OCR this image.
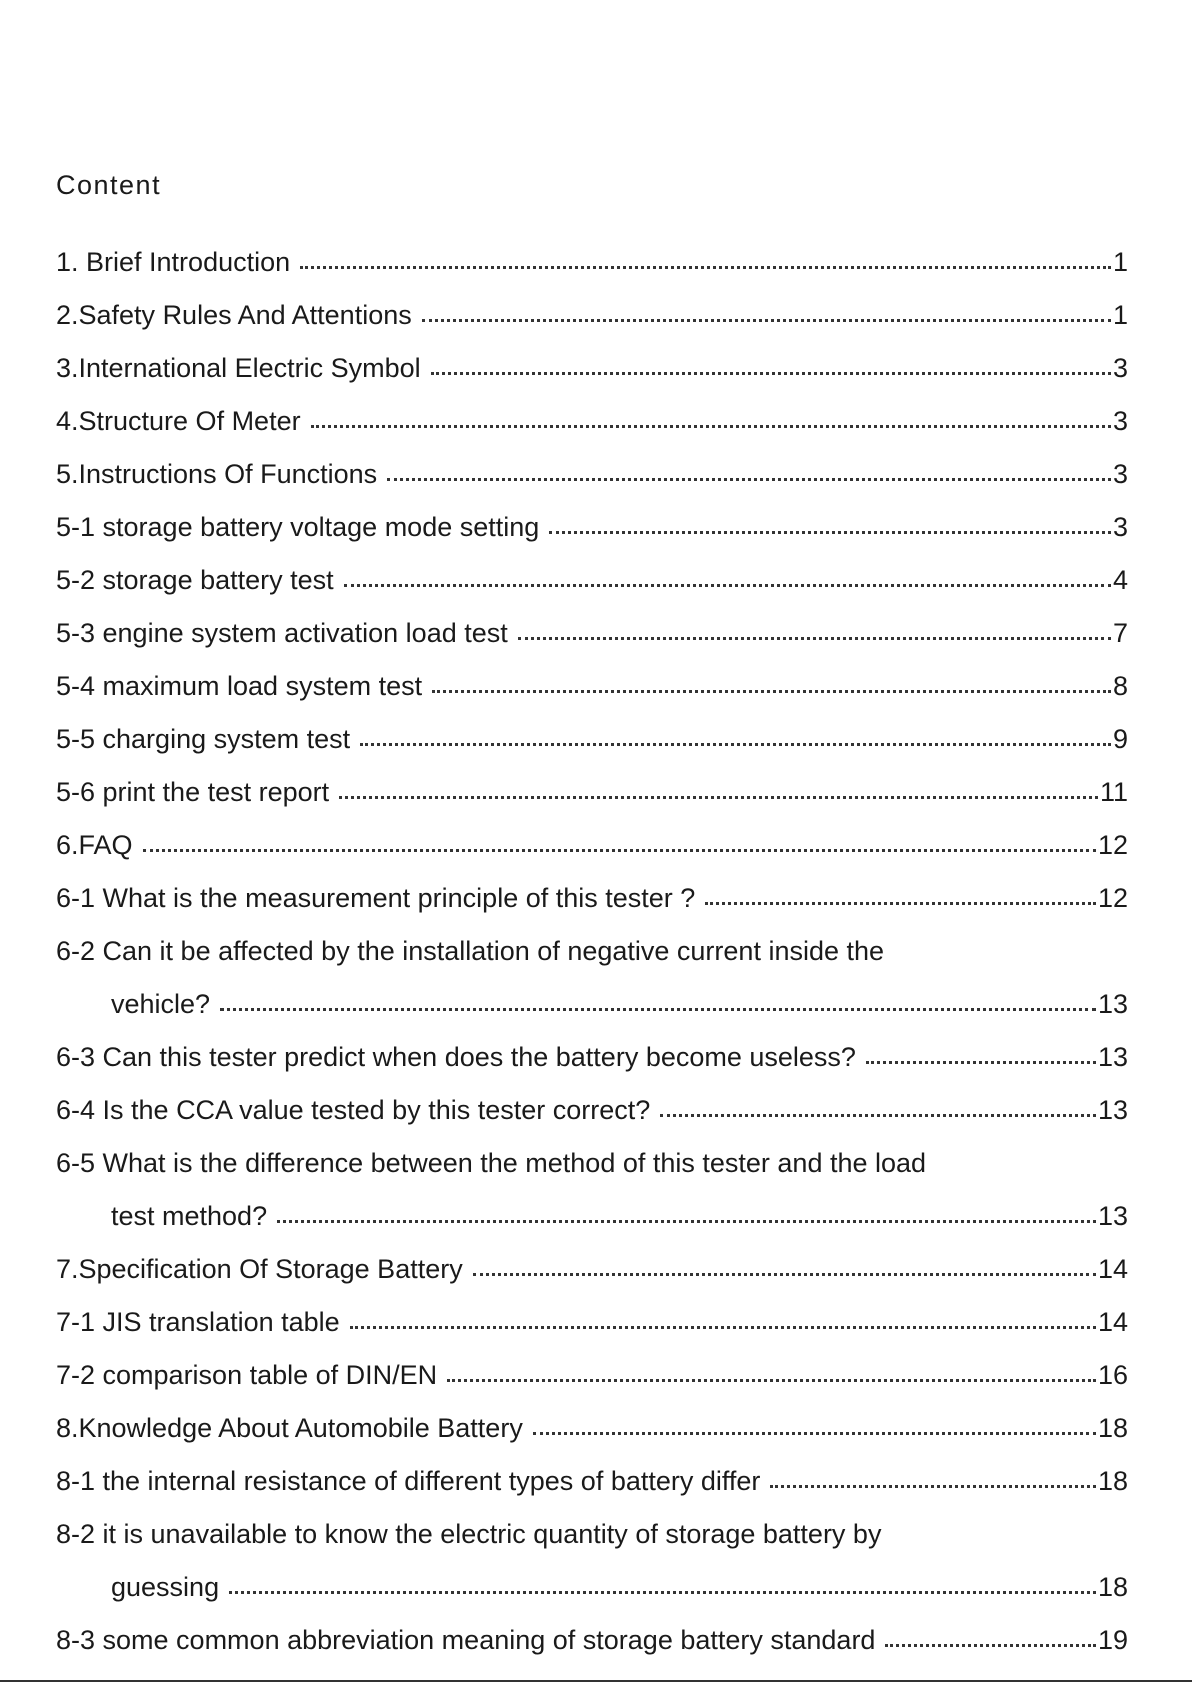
Content
1. Brief Introduction	1
2.Safety Rules And Attentions	1
3.International Electric Symbol	3
4.Structure Of Meter	3
5.Instructions Of Functions	3
5-1 storage battery voltage mode setting	3
5-2 storage battery test	4
5-3 engine system activation load test	7
5-4 maximum load system test	8
5-5 charging system test	9
5-6 print the test report	11
6.FAQ	12
6-1 What is the measurement principle of this tester ?	12
6-2 Can it be affected by the installation of negative current inside the
vehicle?	13
6-3 Can this tester predict when does the battery become useless?	13
6-4 Is the CCA value tested by this tester correct?	13
6-5 What is the difference between the method of this tester and the load
test method?	13
7.Specification Of Storage Battery	14
7-1 JIS translation table	14
7-2 comparison table of DIN/EN	16
8.Knowledge About Automobile Battery	18
8-1 the internal resistance of different types of battery differ	18
8-2 it is unavailable to know the electric quantity of storage battery by
guessing	18
8-3 some common abbreviation meaning of storage battery standard	19
